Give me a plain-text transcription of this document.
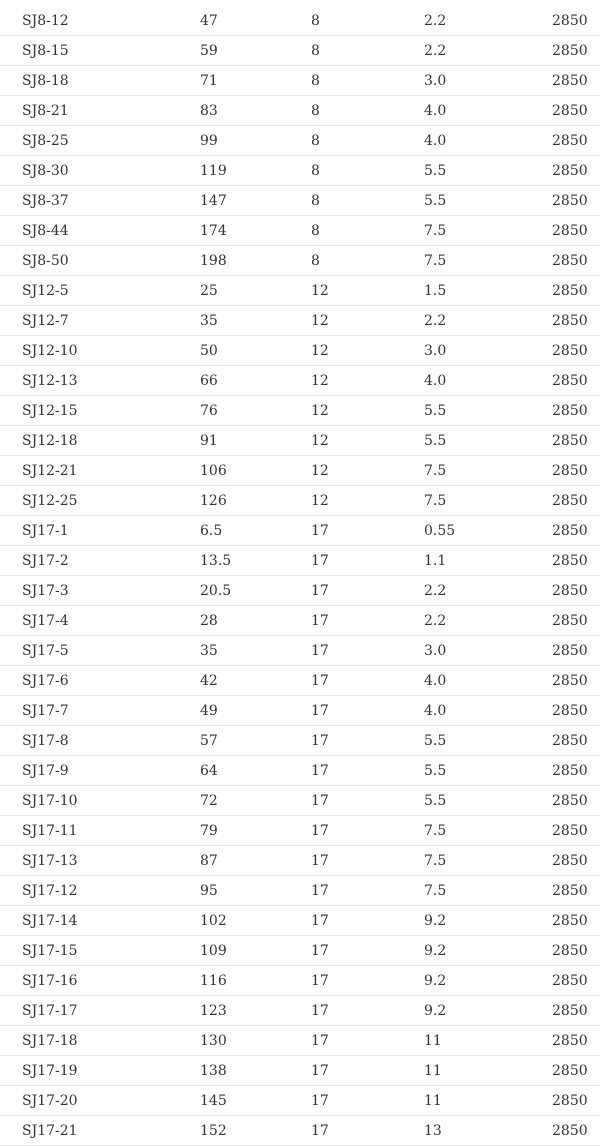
SJ8-12	47	8	2.2	2850
SJ8-15	59	8	2.2	2850
SJ8-18	71	8	3.0	2850
SJ8-21	83	8	4.0	2850
SJ8-25	99	8	4.0	2850
SJ8-30	119	8	5.5	2850
SJ8-37	147	8	5.5	2850
SJ8-44	174	8	7.5	2850
SJ8-50	198	8	7.5	2850
SJ12-5	25	12	1.5	2850
SJ12-7	35	12	2.2	2850
SJ12-10	50	12	3.0	2850
SJ12-13	66	12	4.0	2850
SJ12-15	76	12	5.5	2850
SJ12-18	91	12	5.5	2850
SJ12-21	106	12	7.5	2850
SJ12-25	126	12	7.5	2850
SJ17-1	6.5	17	0.55	2850
SJ17-2	13.5	17	1.1	2850
SJ17-3	20.5	17	2.2	2850
SJ17-4	28	17	2.2	2850
SJ17-5	35	17	3.0	2850
SJ17-6	42	17	4.0	2850
SJ17-7	49	17	4.0	2850
SJ17-8	57	17	5.5	2850
SJ17-9	64	17	5.5	2850
SJ17-10	72	17	5.5	2850
SJ17-11	79	17	7.5	2850
SJ17-13	87	17	7.5	2850
SJ17-12	95	17	7.5	2850
SJ17-14	102	17	9.2	2850
SJ17-15	109	17	9.2	2850
SJ17-16	116	17	9.2	2850
SJ17-17	123	17	9.2	2850
SJ17-18	130	17	11	2850
SJ17-19	138	17	11	2850
SJ17-20	145	17	11	2850
SJ17-21	152	17	13	2850
